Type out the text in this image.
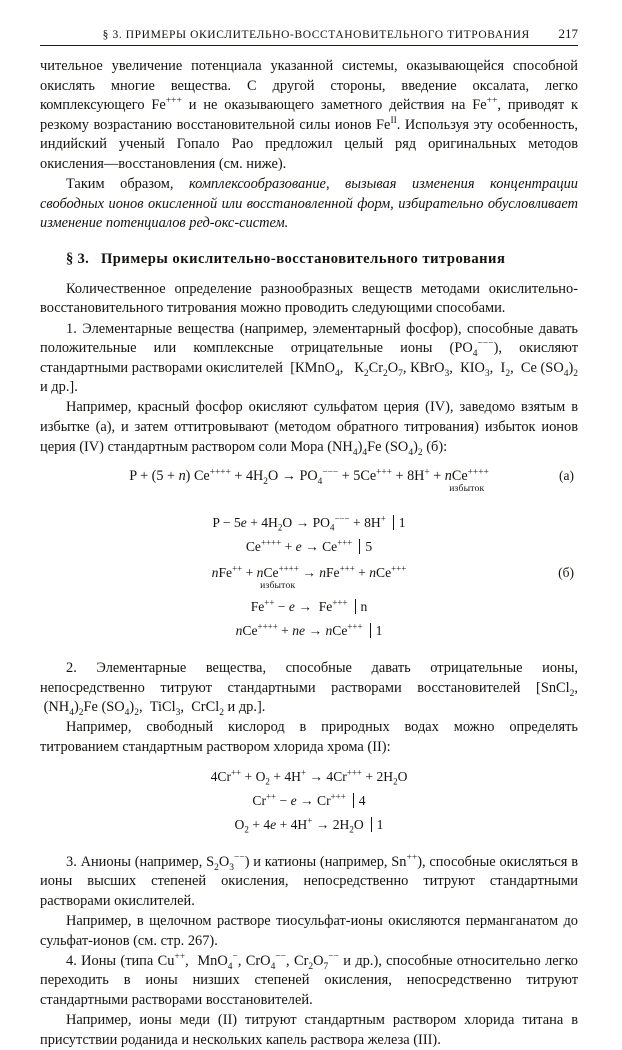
§ 3. ПРИМЕРЫ ОКИСЛИТЕЛЬНО-ВОССТАНОВИТЕЛЬНОГО ТИТРОВАНИЯ	217

чительное увеличение потенциала указанной системы, оказывающейся способной окислять многие вещества. С другой стороны, введение оксалата, легко комплексующего Fe+++ и не оказывающего заметного действия на Fe++, приводят к резкому возрастанию восстановительной силы ионов $Fe^{II}$. Используя эту особенность, индийский ученый Гопало Рао предложил целый ряд оригинальных методов окисления—восстановления (см. ниже).

Таким образом, комплексообразование, вызывая изменения концентрации свободных ионов окисленной или восстановленной форм, избирательно обусловливает изменение потенциалов ред-окс-систем.

§ 3. Примеры окислительно-восстановительного титрования

Количественное определение разнообразных веществ методами окислительно-восстановительного титрования можно проводить следующими способами.

1. Элементарные вещества (например, элементарный фосфор), способные давать положительные или комплексные отрицательные ионы $(PO_4^{---})$, окисляют стандартными растворами окислителей  [КMnO$_4$,   $К_2Cr_2O_7$, КBrO$_3$,  $КIO_3$,  $I_2$,  Ce $(SO_4)_2$ и др.].

Например, красный фосфор окисляют сульфатом церия (IV), заведомо взятым в избытке (а), и затем оттитровывают (методом обратного титрования) избыток ионов церия (IV) стандартным раствором соли Мора $(NH_4)_4Fe$ $(SO_4)_2$ (б):

P + (5 + n) $Ce^{++++} + 4H_2O \to PO_4^{---} + 5Ce^{+++} + 8H^+ + nCe^{++++}$
избыток
(а)
$P - 5e + 4H_2O \to PO_4^{---} + 8H^+$ 1
Ce++++ + e → Ce+++ 5
nFe++ + nCe++++
избыток
→ nFe+++ + nCe+++	(б)
Fe++ − e →  Fe+++ n
nCe++++ + ne → nCe+++ 1

2. Элементарные вещества, способные давать отрицательные ионы, непосредственно титруют стандартными растворами восстановителей [SnCl$_2$,  $(NH_4)_2Fe$ $(SO_4)_2$,  TiCl$_3$,  CrCl$_2$ и др.].

Например, свободный кислород в природных водах можно определять титрованием стандартным раствором хлорида хрома (II):

$4Cr^{++} + O_2 + 4H^+ \to 4Cr^{+++} + 2H_2O$
Cr++ − e → Cr+++ 4
$O_2 + 4e + 4H^+ \to 2H_2O$ 1

3. Анионы (например, $S_2O_3^{--}$) и катионы (например, Sn++), способные окисляться в ионы высших степеней окисления, непосредственно титруют стандартными растворами окислителей.

Например, в щелочном растворе тиосульфат-ионы окисляются перманганатом до сульфат-ионов (см. стр. 267).

4. Ионы (типа Cu++,  MnO$_4$−, CrO$_4$−−, $Cr_2O_7^{--}$ и др.), способные относительно легко переходить в ионы низших степеней окисления, непосредственно титруют стандартными растворами восстановителей.

Например, ионы меди (II) титруют стандартным раствором хлорида титана в присутствии роданида и нескольких капель раствора железа (III).
